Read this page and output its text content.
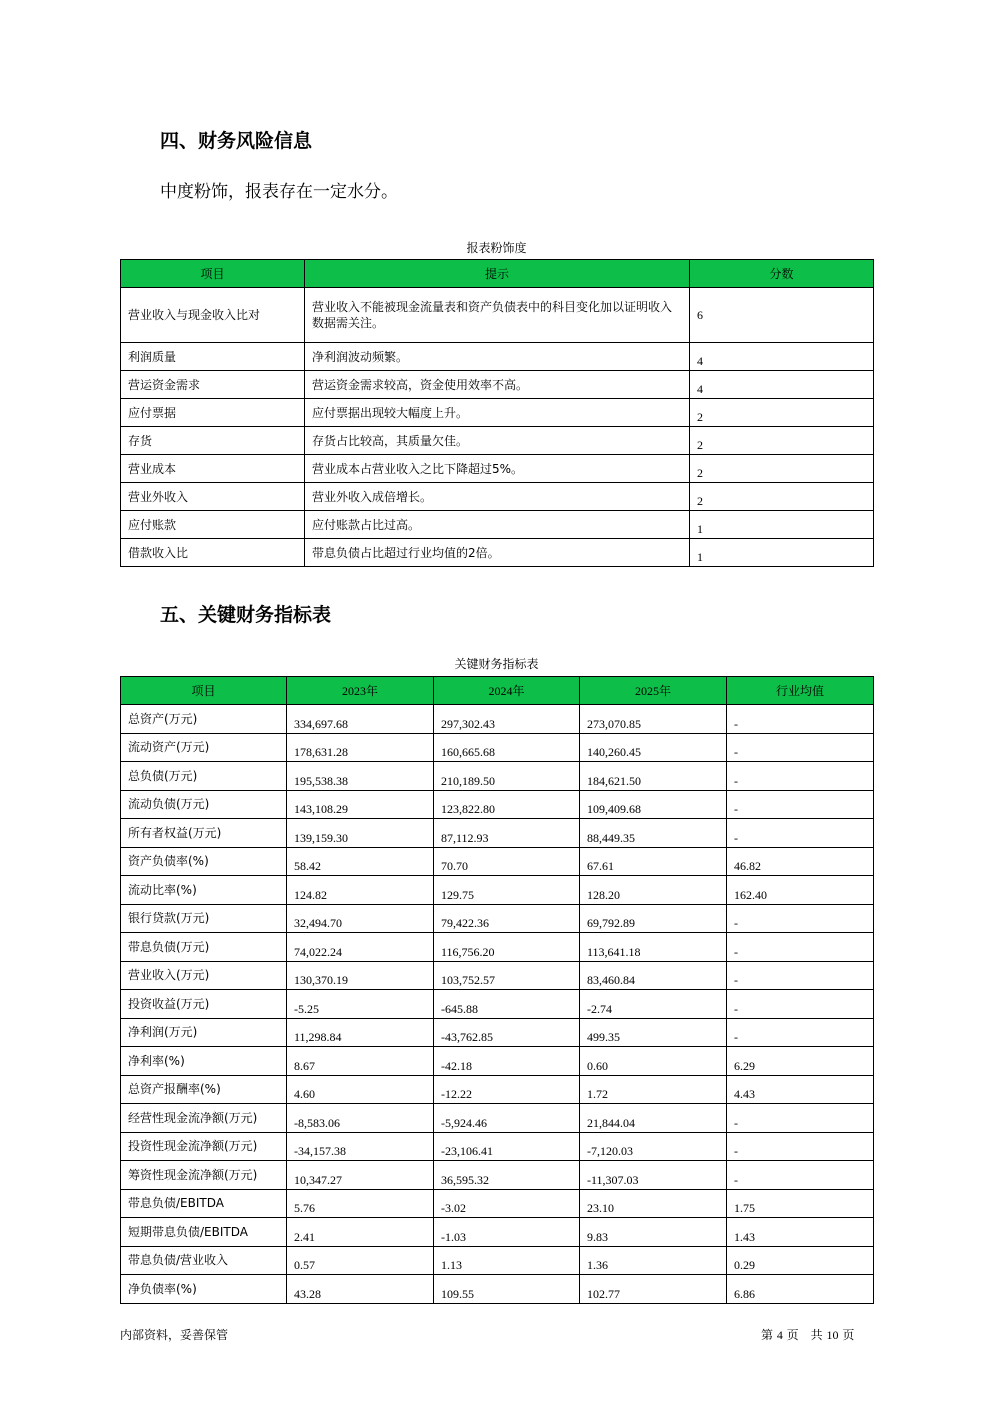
四、财务风险信息

中度粉饰，报表存在一定水分。

报表粉饰度
项目	提示	分数
营业收入与现金收入比对	营业收入不能被现金流量表和资产负债表中的科目变化加以证明收入数据需关注。	6
利润质量	净利润波动频繁。	4
营运资金需求	营运资金需求较高，资金使用效率不高。	4
应付票据	应付票据出现较大幅度上升。	2
存货	存货占比较高，其质量欠佳。	2
营业成本	营业成本占营业收入之比下降超过5%。	2
营业外收入	营业外收入成倍增长。	2
应付账款	应付账款占比过高。	1
借款收入比	带息负债占比超过行业均值的2倍。	1
五、关键财务指标表
关键财务指标表
项目	2023年	2024年	2025年	行业均值
总资产(万元)	334,697.68	297,302.43	273,070.85	-
流动资产(万元)	178,631.28	160,665.68	140,260.45	-
总负债(万元)	195,538.38	210,189.50	184,621.50	-
流动负债(万元)	143,108.29	123,822.80	109,409.68	-
所有者权益(万元)	139,159.30	87,112.93	88,449.35	-
资产负债率(%)	58.42	70.70	67.61	46.82
流动比率(%)	124.82	129.75	128.20	162.40
银行贷款(万元)	32,494.70	79,422.36	69,792.89	-
带息负债(万元)	74,022.24	116,756.20	113,641.18	-
营业收入(万元)	130,370.19	103,752.57	83,460.84	-
投资收益(万元)	-5.25	-645.88	-2.74	-
净利润(万元)	11,298.84	-43,762.85	499.35	-
净利率(%)	8.67	-42.18	0.60	6.29
总资产报酬率(%)	4.60	-12.22	1.72	4.43
经营性现金流净额(万元)	-8,583.06	-5,924.46	21,844.04	-
投资性现金流净额(万元)	-34,157.38	-23,106.41	-7,120.03	-
筹资性现金流净额(万元)	10,347.27	36,595.32	-11,307.03	-
带息负债/EBITDA	5.76	-3.02	23.10	1.75
短期带息负债/EBITDA	2.41	-1.03	9.83	1.43
带息负债/营业收入	0.57	1.13	1.36	0.29
净负债率(%)	43.28	109.55	102.77	6.86
内部资料，妥善保管	第 4 页　共 10 页
